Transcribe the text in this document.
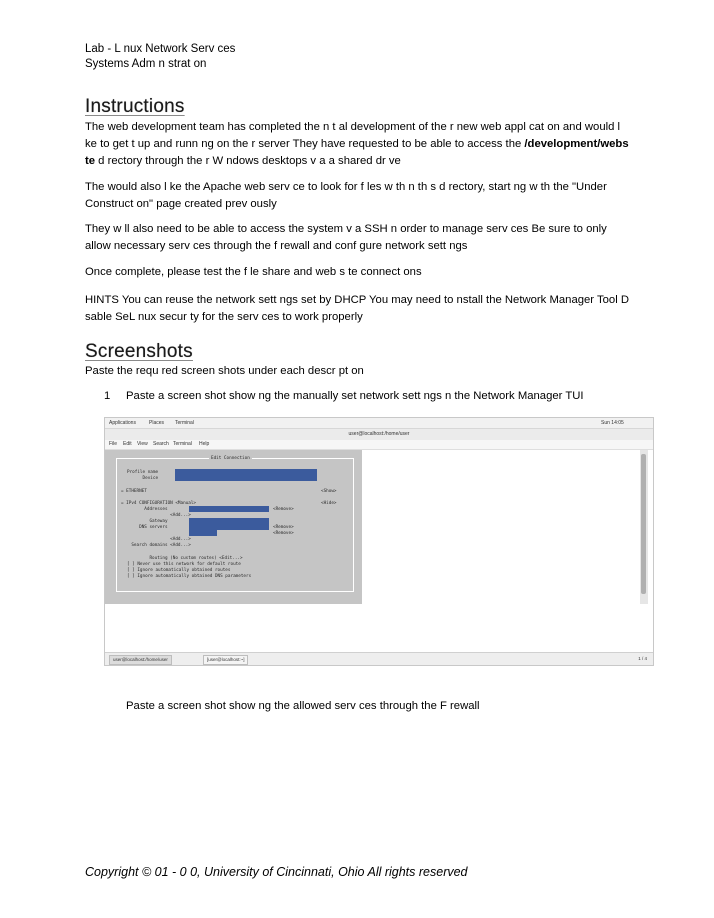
Lab - L nux Network Serv ces
Systems Adm n strat on
Instructions
The web development team has completed the n t al development of the r new web appl cat on and would l ke to get t up and runn ng on the r server They have requested to be able to access the /development/webs te d rectory through the r W ndows desktops v a a shared dr ve
The would also l ke the Apache web serv ce to look for f les w th n th s d rectory, start ng w th the "Under Construct on" page created prev ously
They w ll also need to be able to access the system v a SSH n order to manage serv ces Be sure to only allow necessary serv ces through the f rewall and conf gure network sett ngs
Once complete, please test the f le share and web s te connect ons
HINTS You can reuse the network sett ngs set by DHCP You may need to nstall the Network Manager Tool D sable SeL nux secur ty for the serv ces to work properly
Screenshots
Paste the requ red screen shots under each descr pt on
1 Paste a screen shot show ng the manually set network sett ngs n the Network Manager TUI
Applications	Places Terminal	Sun 14:05
user@localhost:/home/user
File Edit View Search Terminal Help
Edit Connection
Profile name
Device
= ETHERNET	<Show>
= IPv4 CONFIGURATION <Manual>	<Hide>
Addresses	<Remove>
<Add...>
Gateway
DNS servers	<Remove>
<Remove>
<Add...>
Search domains <Add...>
Routing (No custom routes) <Edit...>
[ ] Never use this network for default route
[ ] Ignore automatically obtained routes
[ ] Ignore automatically obtained DNS parameters
user@localhost:/home/user	[user@localhost:~]	1 / 4
Paste a screen shot show ng the allowed serv ces through the F rewall
Copyright © 01 - 0 0, University of Cincinnati, Ohio All rights reserved
